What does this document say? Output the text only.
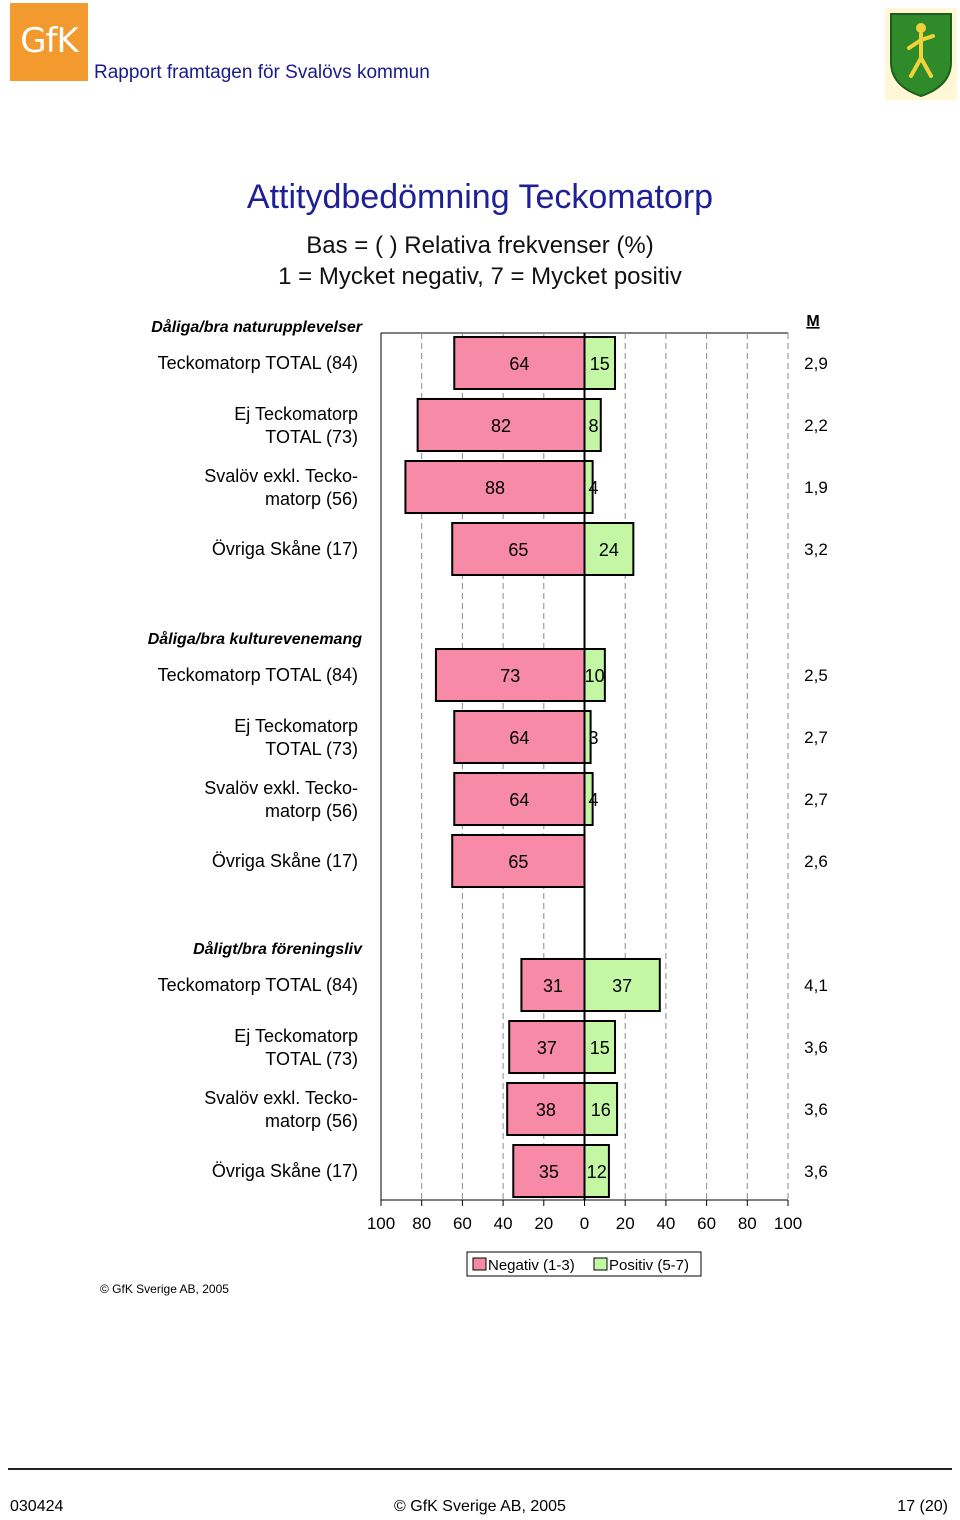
GfK
Rapport framtagen för Svalövs kommun
Attitydbedömning Teckomatorp
Bas = ( ) Relativa frekvenser (%)
1 = Mycket negativ, 7 = Mycket positiv
100 80 60 40 20 0 20 40 60 80 100
M
Dåliga/bra naturupplevelser
Teckomatorp TOTAL (84)	64	15	2,9
Ej Teckomatorp
TOTAL (73)
82	8	2,2
Svalöv exkl. Tecko-
matorp (56)
88	4	1,9
Övriga Skåne (17)	65	24	3,2
Dåliga/bra kulturevenemang
Teckomatorp TOTAL (84)	73	10	2,5
Ej Teckomatorp
TOTAL (73)
64	3	2,7
Svalöv exkl. Tecko-
matorp (56)
64	4	2,7
Övriga Skåne (17)	65	2,6
Dåligt/bra föreningsliv
Teckomatorp TOTAL (84)	31	37	4,1
Ej Teckomatorp
TOTAL (73)
37 15	3,6
Svalöv exkl. Tecko-
matorp (56)
38 16	3,6
Övriga Skåne (17)	35 12	3,6
Negativ (1-3) Positiv (5-7)
© GfK Sverige AB, 2005
030424	© GfK Sverige AB, 2005	17 (20)
